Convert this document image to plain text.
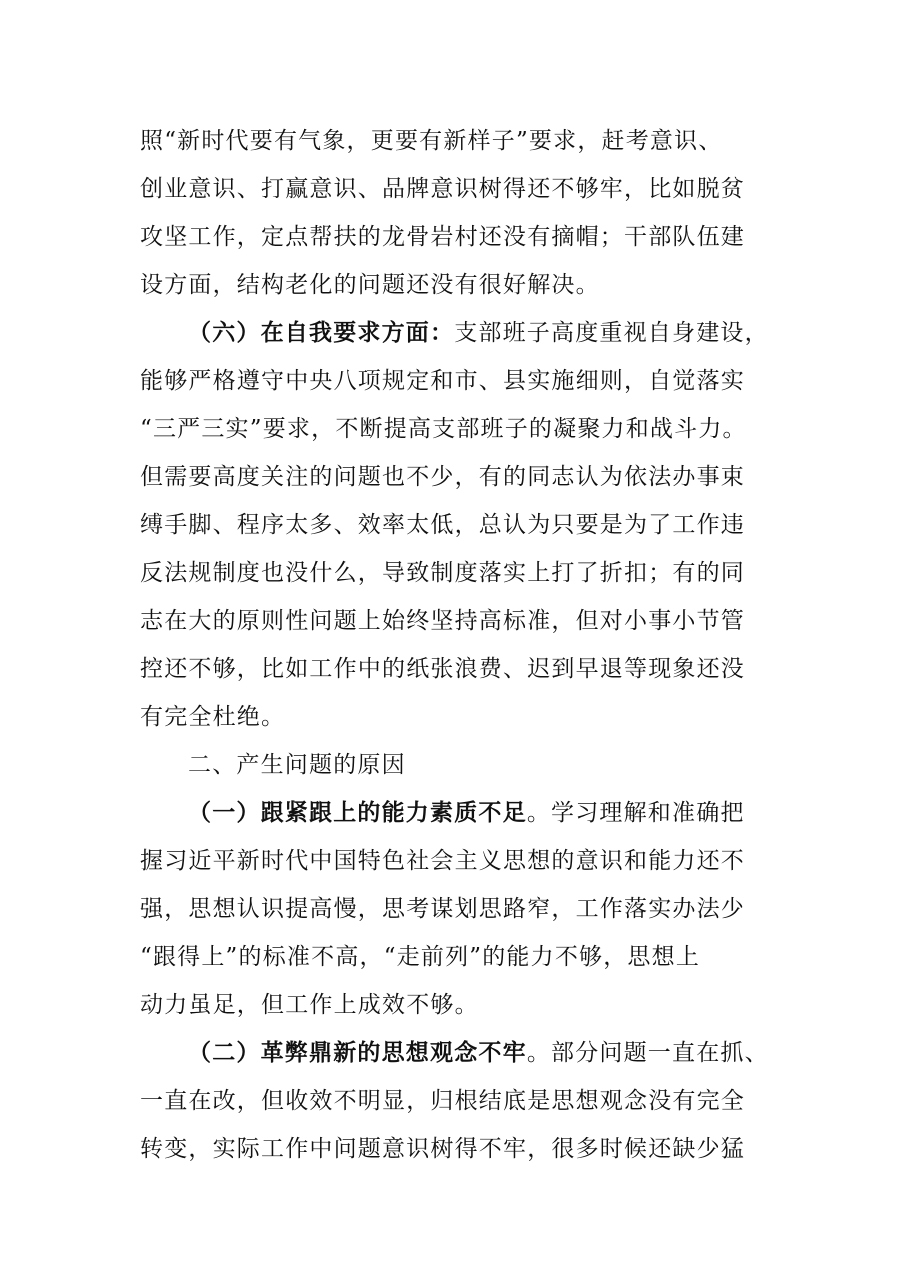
照“新时代要有气象，更要有新样子”要求，赶考意识、
创业意识、打赢意识、品牌意识树得还不够牢，比如脱贫
攻坚工作，定点帮扶的龙骨岩村还没有摘帽；干部队伍建
设方面，结构老化的问题还没有很好解决。
（六）在自我要求方面：支部班子高度重视自身建设，
能够严格遵守中央八项规定和市、县实施细则，自觉落实
“三严三实”要求，不断提高支部班子的凝聚力和战斗力。
但需要高度关注的问题也不少，有的同志认为依法办事束
缚手脚、程序太多、效率太低，总认为只要是为了工作违
反法规制度也没什么，导致制度落实上打了折扣；有的同
志在大的原则性问题上始终坚持高标准，但对小事小节管
控还不够，比如工作中的纸张浪费、迟到早退等现象还没
有完全杜绝。
二、产生问题的原因
（一）跟紧跟上的能力素质不足。学习理解和准确把
握习近平新时代中国特色社会主义思想的意识和能力还不
强，思想认识提高慢，思考谋划思路窄，工作落实办法少
“跟得上”的标准不高，“走前列”的能力不够，思想上
动力虽足，但工作上成效不够。
（二）革弊鼎新的思想观念不牢。部分问题一直在抓、
一直在改，但收效不明显，归根结底是思想观念没有完全
转变，实际工作中问题意识树得不牢，很多时候还缺少猛
